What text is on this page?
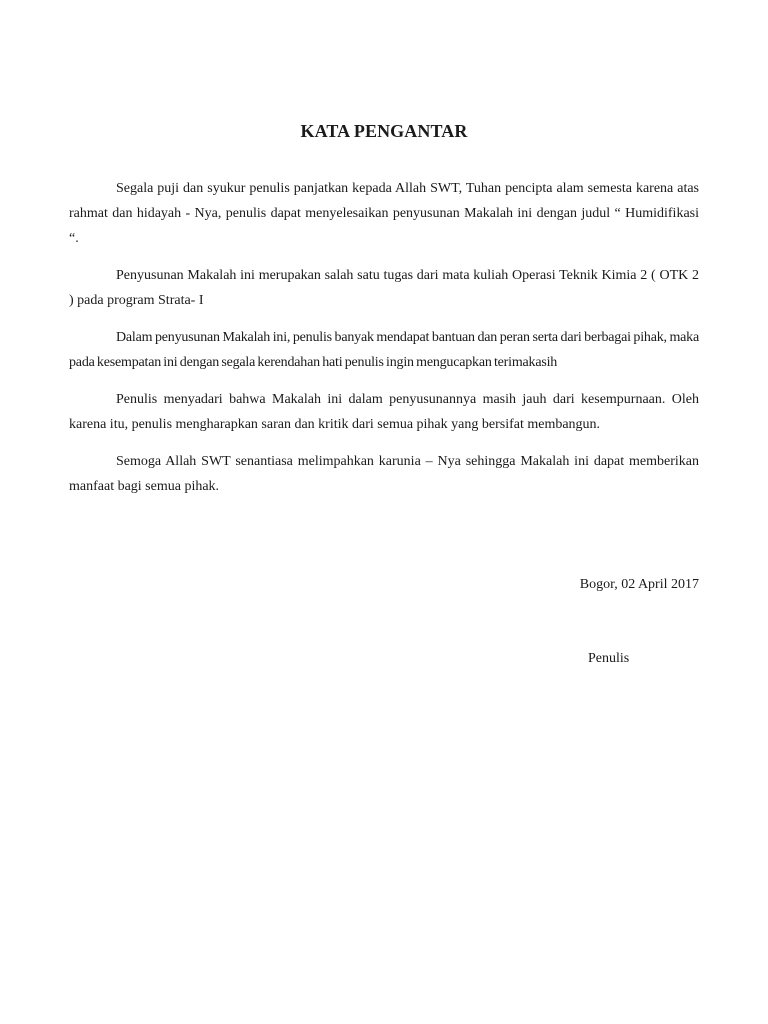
KATA PENGANTAR

Segala puji dan syukur penulis panjatkan kepada Allah SWT, Tuhan pencipta alam semesta karena atas rahmat dan hidayah - Nya, penulis dapat menyelesaikan penyusunan Makalah ini dengan judul “ Humidifikasi “.

Penyusunan Makalah ini merupakan salah satu tugas dari mata kuliah Operasi Teknik Kimia 2 ( OTK 2 ) pada program Strata- I

Dalam penyusunan Makalah ini, penulis banyak mendapat bantuan dan peran serta dari berbagai pihak, maka pada kesempatan ini dengan segala kerendahan hati penulis ingin mengucapkan terimakasih

Penulis menyadari bahwa Makalah ini dalam penyusunannya masih jauh dari kesempurnaan. Oleh karena itu, penulis mengharapkan saran dan kritik dari semua pihak yang bersifat membangun.

Semoga Allah SWT senantiasa melimpahkan karunia – Nya sehingga Makalah ini dapat memberikan manfaat bagi semua pihak.

Bogor, 02 April 2017
Penulis
